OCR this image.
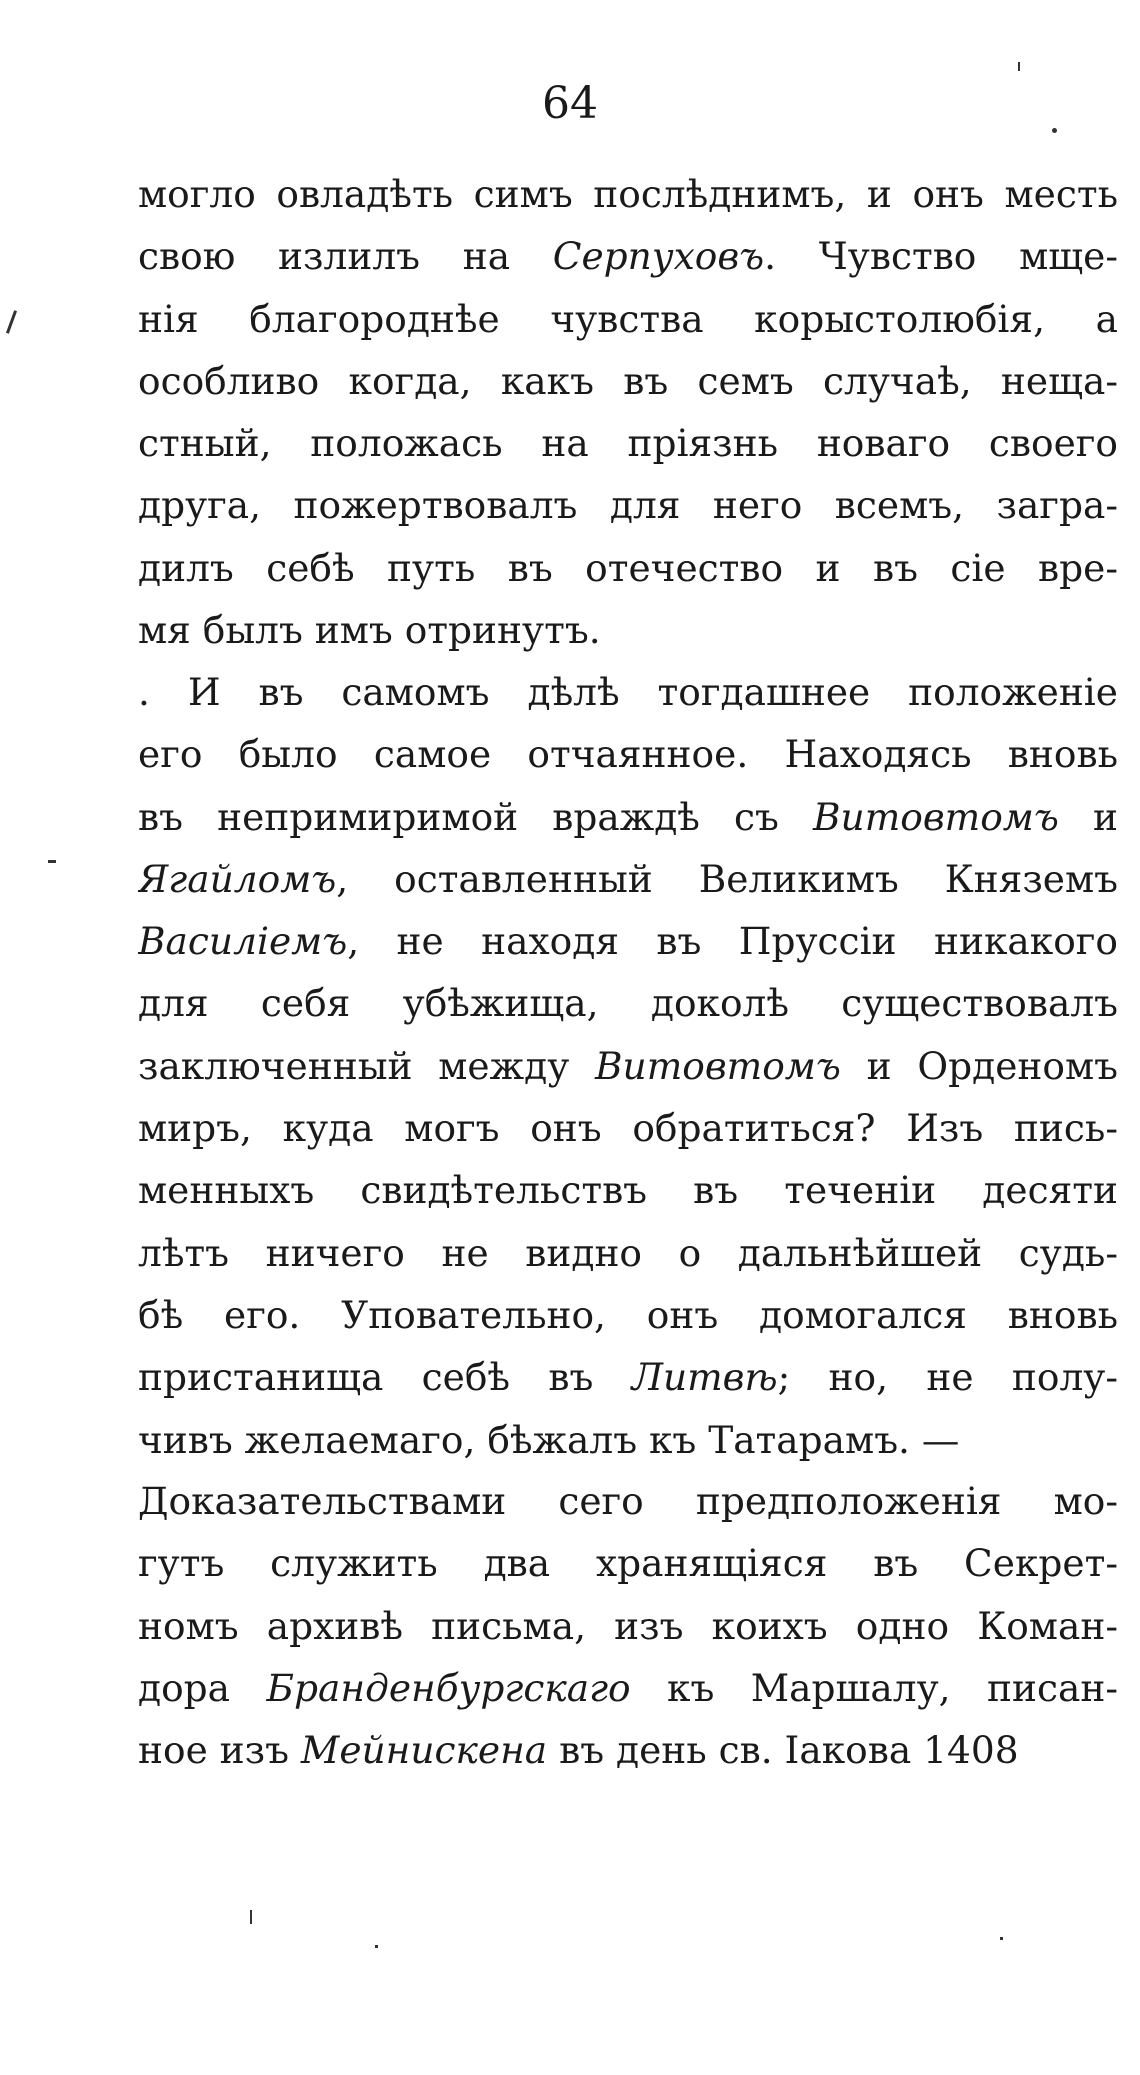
64
могло овладѣть симъ послѣднимъ, и онъ месть
свою излилъ на Серпуховъ. Чувство мще-
нія благороднѣе чувства корыстолюбія, а
особливо когда, какъ въ семъ случаѣ, неща-
стный, положась на пріязнь новаго своего
друга, пожертвовалъ для него всемъ, загра-
дилъ себѣ путь въ отечество и въ сіе вре-
мя былъ имъ отринутъ.
. И въ самомъ дѣлѣ тогдашнее положеніе
его было самое отчаянное. Находясь вновь
въ непримиримой враждѣ съ Витовтомъ и
Ягайломъ, оставленный Великимъ Княземъ
Василіемъ, не находя въ Пруссіи никакого
для себя убѣжища, доколѣ существовалъ
заключенный между Витовтомъ и Орденомъ
миръ, куда могъ онъ обратиться? Изъ пись-
менныхъ свидѣтельствъ въ теченіи десяти
лѣтъ ничего не видно о дальнѣйшей судь-
бѣ его. Уповательно, онъ домогался вновь
пристанища себѣ въ Литвѣ; но, не полу-
чивъ желаемаго, бѣжалъ къ Татарамъ. —
Доказательствами сего предположенія мо-
гутъ служить два хранящіяся въ Секрет-
номъ архивѣ письма, изъ коихъ одно Коман-
дора Бранденбургскаго къ Маршалу, писан-
ное изъ Мейнискена въ день св. Іакова 1408
